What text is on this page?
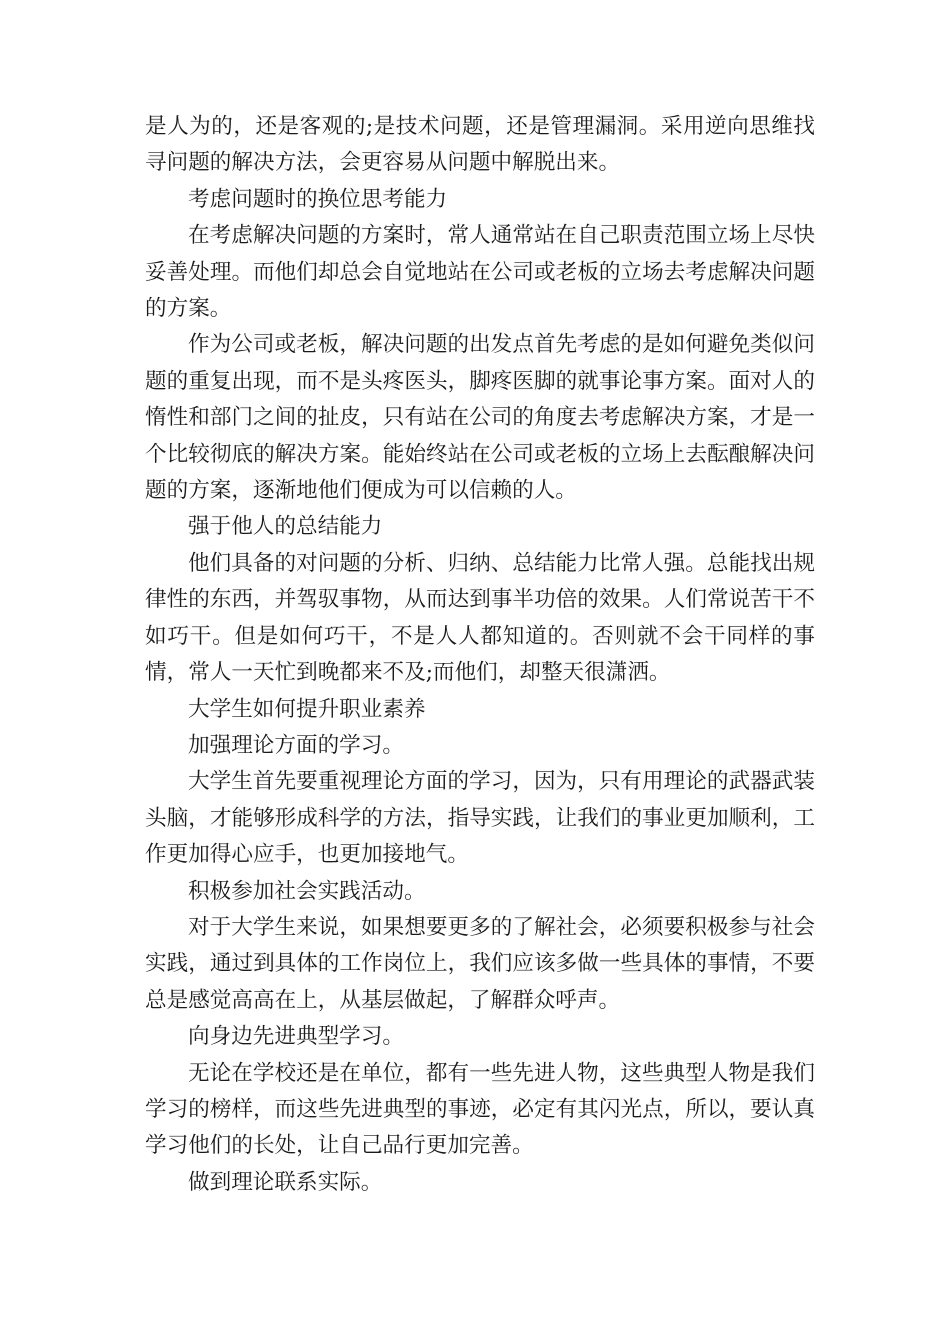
是人为的，还是客观的;是技术问题，还是管理漏洞。采用逆向思维找寻问题的解决方法，会更容易从问题中解脱出来。

考虑问题时的换位思考能力

在考虑解决问题的方案时，常人通常站在自己职责范围立场上尽快妥善处理。而他们却总会自觉地站在公司或老板的立场去考虑解决问题的方案。

作为公司或老板，解决问题的出发点首先考虑的是如何避免类似问题的重复出现，而不是头疼医头，脚疼医脚的就事论事方案。面对人的惰性和部门之间的扯皮，只有站在公司的角度去考虑解决方案，才是一个比较彻底的解决方案。能始终站在公司或老板的立场上去酝酿解决问题的方案，逐渐地他们便成为可以信赖的人。

强于他人的总结能力

他们具备的对问题的分析、归纳、总结能力比常人强。总能找出规律性的东西，并驾驭事物，从而达到事半功倍的效果。人们常说苦干不如巧干。但是如何巧干，不是人人都知道的。否则就不会干同样的事情，常人一天忙到晚都来不及;而他们，却整天很潇洒。

大学生如何提升职业素养

加强理论方面的学习。

大学生首先要重视理论方面的学习，因为，只有用理论的武器武装头脑，才能够形成科学的方法，指导实践，让我们的事业更加顺利，工作更加得心应手，也更加接地气。

积极参加社会实践活动。

对于大学生来说，如果想要更多的了解社会，必须要积极参与社会实践，通过到具体的工作岗位上，我们应该多做一些具体的事情，不要总是感觉高高在上，从基层做起，了解群众呼声。

向身边先进典型学习。

无论在学校还是在单位，都有一些先进人物，这些典型人物是我们学习的榜样，而这些先进典型的事迹，必定有其闪光点，所以，要认真学习他们的长处，让自己品行更加完善。

做到理论联系实际。
